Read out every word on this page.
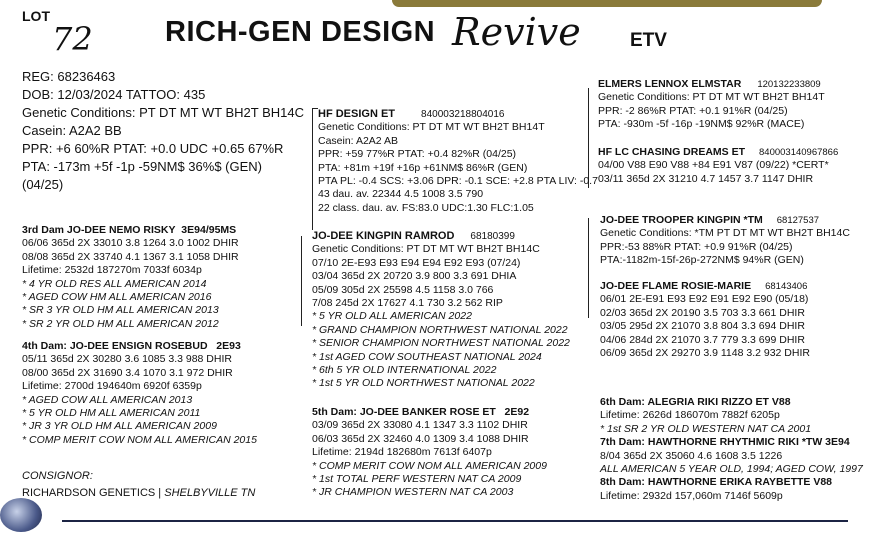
LOT
72 RICH-GEN DESIGN Revive	ETV
REG: 68236463
DOB: 12/03/2024 TATTOO: 435
Genetic Conditions: PT DT MT WT BH2T BH14C
Casein: A2A2 BB
PPR: +6 60%R PTAT: +0.0 UDC +0.65 67%R
PTA: -173m +5f -1p -59NM$ 36%$ (GEN)
(04/25)
HF DESIGN ET	840003218804016
Genetic Conditions: PT DT MT WT BH2T BH14T
Casein: A2A2 AB
PPR: +59 77%R PTAT: +0.4 82%R (04/25)
PTA: +81m +19f +16p +61NM$ 86%R (GEN)
PTA PL: -0.4 SCS: +3.06 DPR: -0.1 SCE: +2.8 PTA LIV: -0.7
43 dau. av. 22344 4.5 1008 3.5 790
22 class. dau. av. FS:83.0 UDC:1.30 FLC:1.05
ELMERS LENNOX ELMSTAR 120132233809
Genetic Conditions: PT DT MT WT BH2T BH14T
PPR: -2 86%R PTAT: +0.1 91%R (04/25)
PTA: -930m -5f -16p -19NM$ 92%R (MACE)
HF LC CHASING DREAMS ET 840003140967866
04/00 V88 E90 V88 +84 E91 V87 (09/22) *CERT*
03/11 365d 2X 31210 4.7 1457 3.7 1147 DHIR
3rd Dam JO-DEE NEMO RISKY 3E94/95MS
06/06 365d 2X 33010 3.8 1264 3.0 1002 DHIR
08/08 365d 2X 33740 4.1 1367 3.1 1058 DHIR
Lifetime: 2532d 187270m 7033f 6034p
* 4 YR OLD RES ALL AMERICAN 2014
* AGED COW HM ALL AMERICAN 2016
* SR 3 YR OLD HM ALL AMERICAN 2013
* SR 2 YR OLD HM ALL AMERICAN 2012
4th Dam: JO-DEE ENSIGN ROSEBUD 2E93
05/11 365d 2X 30280 3.6 1085 3.3 988 DHIR
08/00 365d 2X 31690 3.4 1070 3.1 972 DHIR
Lifetime: 2700d 194640m 6920f 6359p
* AGED COW ALL AMERICAN 2013
* 5 YR OLD HM ALL AMERICAN 2011
* JR 3 YR OLD HM ALL AMERICAN 2009
* COMP MERIT COW NOM ALL AMERICAN 2015
JO-DEE KINGPIN RAMROD 68180399
Genetic Conditions: PT DT MT WT BH2T BH14C
07/10 2E-E93 E93 E94 E94 E92 E93 (07/24)
03/04 365d 2X 20720 3.9 800 3.3 691 DHIA
05/09 305d 2X 25598 4.5 1158 3.0 766
7/08 245d 2X 17627 4.1 730 3.2 562 RIP
* 5 YR OLD ALL AMERICAN 2022
* GRAND CHAMPION NORTHWEST NATIONAL 2022
* SENIOR CHAMPION NORTHWEST NATIONAL 2022
* 1st AGED COW SOUTHEAST NATIONAL 2024
* 6th 5 YR OLD INTERNATIONAL 2022
* 1st 5 YR OLD NORTHWEST NATIONAL 2022
JO-DEE TROOPER KINGPIN *TM 68127537
Genetic Conditions: *TM PT DT MT WT BH2T BH14C
PPR:-53 88%R PTAT: +0.9 91%R (04/25)
PTA:-1182m-15f-26p-272NM$ 94%R (GEN)
JO-DEE FLAME ROSIE-MARIE 68143406
06/01 2E-E91 E93 E92 E91 E92 E90 (05/18)
02/03 365d 2X 20190 3.5 703 3.3 661 DHIR
03/05 295d 2X 21070 3.8 804 3.3 694 DHIR
04/06 284d 2X 21070 3.7 779 3.3 699 DHIR
06/09 365d 2X 29270 3.9 1148 3.2 932 DHIR
5th Dam: JO-DEE BANKER ROSE ET 2E92
03/09 365d 2X 33080 4.1 1347 3.3 1102 DHIR
06/03 365d 2X 32460 4.0 1309 3.4 1088 DHIR
Lifetime: 2194d 182680m 7613f 6407p
* COMP MERIT COW NOM ALL AMERICAN 2009
* 1st TOTAL PERF WESTERN NAT CA 2009
* JR CHAMPION WESTERN NAT CA 2003
6th Dam: ALEGRIA RIKI RIZZO ET V88
Lifetime: 2626d 186070m 7882f 6205p
* 1st SR 2 YR OLD WESTERN NAT CA 2001
7th Dam: HAWTHORNE RHYTHMIC RIKI *TW 3E94
8/04 365d 2X 35060 4.6 1608 3.5 1226
ALL AMERICAN 5 YEAR OLD, 1994; AGED COW, 1997
8th Dam: HAWTHORNE ERIKA RAYBETTE V88
Lifetime: 2932d 157,060m 7146f 5609p
CONSIGNOR:
RICHARDSON GENETICS | SHELBYVILLE TN
